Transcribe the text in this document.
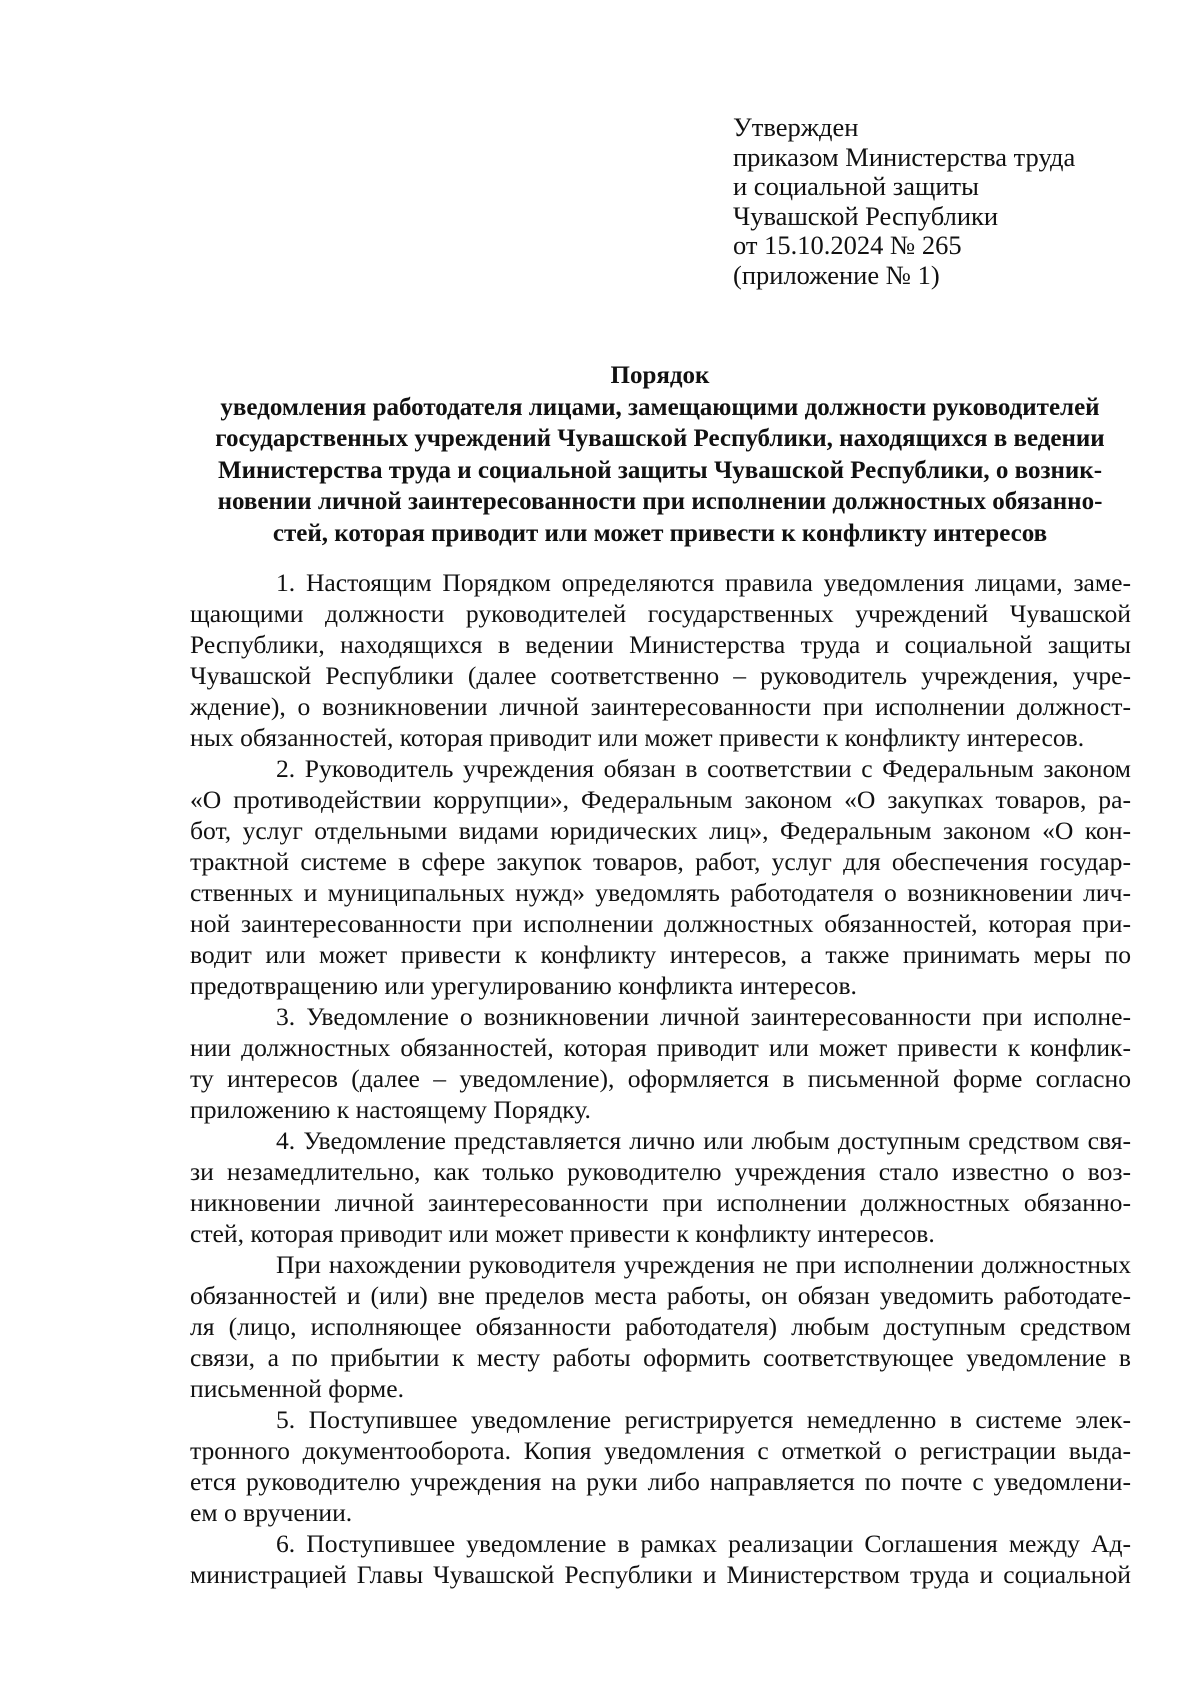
Утвержден
приказом Министерства труда
и социальной защиты
Чувашской Республики
от 15.10.2024 № 265
(приложение № 1)
Порядок
уведомления работодателя лицами, замещающими должности руководителей
государственных учреждений Чувашской Республики, находящихся в ведении
Министерства труда и социальной защиты Чувашской Республики, о возник-
новении личной заинтересованности при исполнении должностных обязанно-
стей, которая приводит или может привести к конфликту интересов
1. Настоящим Порядком определяются правила уведомления лицами, заме-
щающими должности руководителей государственных учреждений Чувашской
Республики, находящихся в ведении Министерства труда и социальной защиты
Чувашской Республики (далее соответственно – руководитель учреждения, учре-
ждение), о возникновении личной заинтересованности при исполнении должност-
ных обязанностей, которая приводит или может привести к конфликту интересов.
2. Руководитель учреждения обязан в соответствии с Федеральным законом
«О противодействии коррупции», Федеральным законом «О закупках товаров, ра-
бот, услуг отдельными видами юридических лиц», Федеральным законом «О кон-
трактной системе в сфере закупок товаров, работ, услуг для обеспечения государ-
ственных и муниципальных нужд» уведомлять работодателя о возникновении лич-
ной заинтересованности при исполнении должностных обязанностей, которая при-
водит или может привести к конфликту интересов, а также принимать меры по
предотвращению или урегулированию конфликта интересов.
3. Уведомление о возникновении личной заинтересованности при исполне-
нии должностных обязанностей, которая приводит или может привести к конфлик-
ту интересов (далее – уведомление), оформляется в письменной форме согласно
приложению к настоящему Порядку.
4. Уведомление представляется лично или любым доступным средством свя-
зи незамедлительно, как только руководителю учреждения стало известно о воз-
никновении личной заинтересованности при исполнении должностных обязанно-
стей, которая приводит или может привести к конфликту интересов.
При нахождении руководителя учреждения не при исполнении должностных
обязанностей и (или) вне пределов места работы, он обязан уведомить работодате-
ля (лицо, исполняющее обязанности работодателя) любым доступным средством
связи, а по прибытии к месту работы оформить соответствующее уведомление в
письменной форме.
5. Поступившее уведомление регистрируется немедленно в системе элек-
тронного документооборота. Копия уведомления с отметкой о регистрации выда-
ется руководителю учреждения на руки либо направляется по почте с уведомлени-
ем о вручении.
6. Поступившее уведомление в рамках реализации Соглашения между Ад-
министрацией Главы Чувашской Республики и Министерством труда и социальной
